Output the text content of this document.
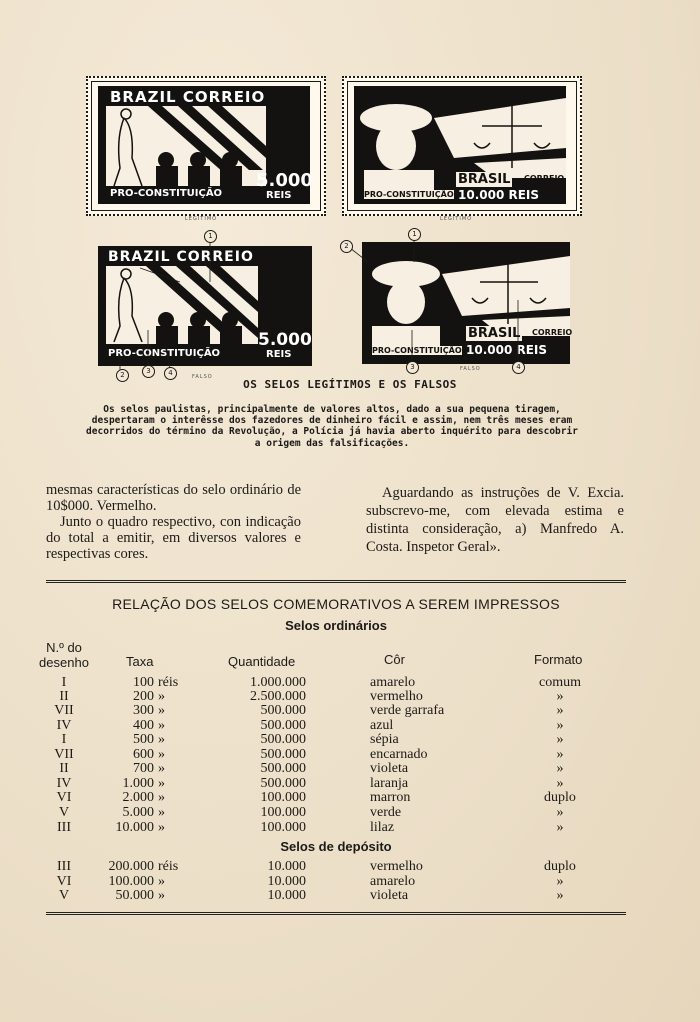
BRAZIL CORREIO
PRO-CONSTITUIÇÃO
5.000
REIS
LEGITIMO
BRASIL CORREIO
PRO-CONSTITUIÇÃO 10.000 REIS
LEGITIMO
BRAZIL CORREIO
PRO-CONSTITUIÇÃO
5.000
REIS
FALSO
BRASIL CORREIO
PRO-CONSTITUIÇÃO 10.000 REIS
FALSO
1
2	3	4
1
2
3	4
OS SELOS LEGÍTIMOS E OS FALSOS
Os selos paulistas, principalmente de valores altos, dado a sua pequena tiragem, despertaram o interêsse dos fazedores de dinheiro fácil e assim, nem três meses eram decorridos do término da Revolução, a Polícia já havia aberto inquérito para descobrir a origem das falsificações.
mesmas características do selo ordinário de 10$000. Vermelho.
Junto o quadro respectivo, con indicação do total a emitir, em diversos valores e respectivas cores.
Aguardando as instruções de V. Excia. subscrevo-me, com elevada estima e distinta consideração, a) Manfredo A. Costa. Inspetor Geral».
RELAÇÃO DOS SELOS COMEMORATIVOS A SEREM IMPRESSOS
Selos ordinários
N.º do
desenho	Taxa	Quantidade	Côr	Formato
I	100 réis	1.000.000	amarelo	comum
II	200 »	2.500.000	vermelho	»
VII	300 »	500.000	verde garrafa	»
IV	400 »	500.000	azul	»
I	500 »	500.000	sépia	»
VII	600 »	500.000	encarnado	»
II	700 »	500.000	violeta	»
IV	1.000 »	500.000	laranja	»
VI	2.000 »	100.000	marron	duplo
V	5.000 »	100.000	verde	»
III	10.000 »	100.000	lilaz	»
Selos de depósito
III	200.000 réis	10.000	vermelho	duplo
VI	100.000 »	10.000	amarelo	»
V	50.000 »	10.000	violeta	»
